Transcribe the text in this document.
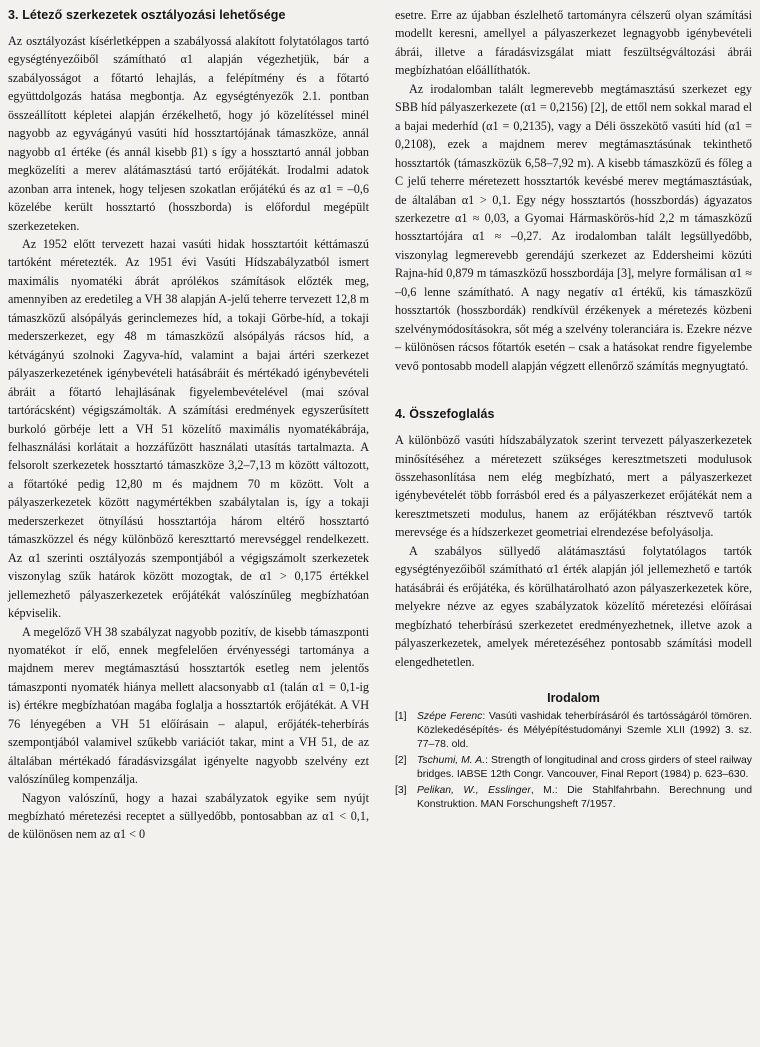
3. Létező szerkezetek osztályozási lehetősége

Az osztályozást kísérletképpen a szabályossá alakított folytatólagos tartó egységtényezőiből számítható α1 alapján végezhetjük, bár a szabályosságot a főtartó lehajlás, a felépítmény és a főtartó együttdolgozás hatása megbontja. Az egységtényezők 2.1. pontban összeállított képletei alapján érzékelhető, hogy jó közelítéssel minél nagyobb az egyvágányú vasúti híd hossztartójának támaszköze, annál nagyobb α1 értéke (és annál kisebb β1) s így a hossztartó annál jobban megközelíti a merev alátámasztású tartó erőjátékát. Irodalmi adatok azonban arra intenek, hogy teljesen szokatlan erőjátékú és az α1 = –0,6 közelébe került hossztartó (hosszborda) is előfordul megépült szerkezeteken.

Az 1952 előtt tervezett hazai vasúti hidak hossztartóit kéttámaszú tartóként méretezték. Az 1951 évi Vasúti Hídszabályzatból ismert maximális nyomatéki ábrát aprólékos számítások előzték meg, amennyiben az eredetileg a VH 38 alapján A-jelű teherre tervezett 12,8 m támaszközű alsópályás gerinclemezes híd, a tokaji Görbe-híd, a tokaji mederszerkezet, egy 48 m támaszközű alsópályás rácsos híd, a kétvágányú szolnoki Zagyva-híd, valamint a bajai ártéri szerkezet pályaszerkezetének igénybevételi hatásábráit és mértékadó igénybevételi ábráit a főtartó lehajlásának figyelembevételével (mai szóval tartórácsként) végigszámolták. A számítási eredmények egyszerűsített burkoló görbéje lett a VH 51 közelítő maximális nyomatékábrája, felhasználási korlátait a hozzáfűzött használati utasítás tartalmazta. A felsorolt szerkezetek hossztartó támaszköze 3,2–7,13 m között változott, a főtartóké pedig 12,80 m és majdnem 70 m között. Volt a pályaszerkezetek között nagymértékben szabálytalan is, így a tokaji mederszerkezet ötnyílású hossztartója három eltérő hossztartó támaszközzel és négy különböző kereszttartó merevséggel rendelkezett. Az α1 szerinti osztályozás szempontjából a végigszámolt szerkezetek viszonylag szűk határok között mozogtak, de α1 > 0,175 értékkel jellemezhető pályaszerkezetek erőjátékát valószínűleg megbízhatóan képviselik.

A megelőző VH 38 szabályzat nagyobb pozitív, de kisebb támaszponti nyomatékot ír elő, ennek megfelelően érvényességi tartománya a majdnem merev megtámasztású hossztartók esetleg nem jelentős támaszponti nyomaték hiánya mellett alacsonyabb α1 (talán α1 = 0,1-ig is) értékre megbízhatóan magába foglalja a hossztartók erőjátékát. A VH 76 lényegében a VH 51 előírásain – alapul, erőjáték-teherbírás szempontjából valamivel szűkebb variációt takar, mint a VH 51, de az általában mértékadó fáradásvizsgálat igényelte nagyobb szelvény ezt valószínűleg kompenzálja.

Nagyon valószínű, hogy a hazai szabályzatok egyike sem nyújt megbízható méretezési receptet a süllyedőbb, pontosabban az α1 < 0,1, de különösen nem az α1 < 0

esetre. Erre az újabban észlelhető tartományra célszerű olyan számítási modellt keresni, amellyel a pályaszerkezet legnagyobb igénybevételi ábrái, illetve a fáradásvizsgálat miatt feszültségváltozási ábrái megbízhatóan előállíthatók.

Az irodalomban talált legmerevebb megtámasztású szerkezet egy SBB híd pályaszerkezete (α1 = 0,2156) [2], de ettől nem sokkal marad el a bajai mederhíd (α1 = 0,2135), vagy a Déli összekötő vasúti híd (α1 = 0,2108), ezek a majdnem merev megtámasztásúnak tekinthető hossztartók (támaszközük 6,58–7,92 m). A kisebb támaszközű és főleg a C jelű teherre méretezett hossztartók kevésbé merev megtámasztásúak, de általában α1 > 0,1. Egy négy hossztartós (hosszbordás) ágyazatos szerkezetre α1 ≈ 0,03, a Gyomai Hármaskörös-híd 2,2 m támaszközű hossztartójára α1 ≈ –0,27. Az irodalomban talált legsüllyedőbb, viszonylag legmerevebb gerendájú szerkezet az Eddersheimi közúti Rajna-híd 0,879 m támaszközű hosszbordája [3], melyre formálisan α1 ≈ –0,6 lenne számítható. A nagy negatív α1 értékű, kis támaszközű hossztartók (hosszbordák) rendkívül érzékenyek a méretezés közbeni szelvénymódosításokra, sőt még a szelvény toleranciára is. Ezekre nézve – különösen rácsos főtartók esetén – csak a hatásokat rendre figyelembe vevő pontosabb modell alapján végzett ellenőrző számítás megnyugtató.

4. Összefoglalás

A különböző vasúti hídszabályzatok szerint tervezett pályaszerkezetek minősítéséhez a méretezett szükséges keresztmetszeti modulusok összehasonlítása nem elég megbízható, mert a pályaszerkezet igénybevételét több forrásból ered és a pályaszerkezet erőjátékát nem a keresztmetszeti modulus, hanem az erőjátékban résztvevő tartók merevsége és a hídszerkezet geometriai elrendezése befolyásolja.

A szabályos süllyedő alátámasztású folytatólagos tartók egységtényezőiből számítható α1 érték alapján jól jellemezhető e tartók hatásábrái és erőjátéka, és körülhatárolható azon pályaszerkezetek köre, melyekre nézve az egyes szabályzatok közelítő méretezési előírásai megbízható teherbírású szerkezetet eredményezhetnek, illetve azok a pályaszerkezetek, amelyek méretezéséhez pontosabb számítási modell elengedhetetlen.

Irodalom
[1]	Szépe Ferenc: Vasúti vashidak teherbírásáról és tartósságáról tömören. Közlekedésépítés- és Mélyépítéstudományi Szemle XLII (1992) 3. sz. 77–78. old.
[2]	Tschumi, M. A.: Strength of longitudinal and cross girders of steel railway bridges. IABSE 12th Congr. Vancouver, Final Report (1984) p. 623–630.
[3]	Pelikan, W., Esslinger, M.: Die Stahlfahrbahn. Berechnung und Konstruktion. MAN Forschungsheft 7/1957.
